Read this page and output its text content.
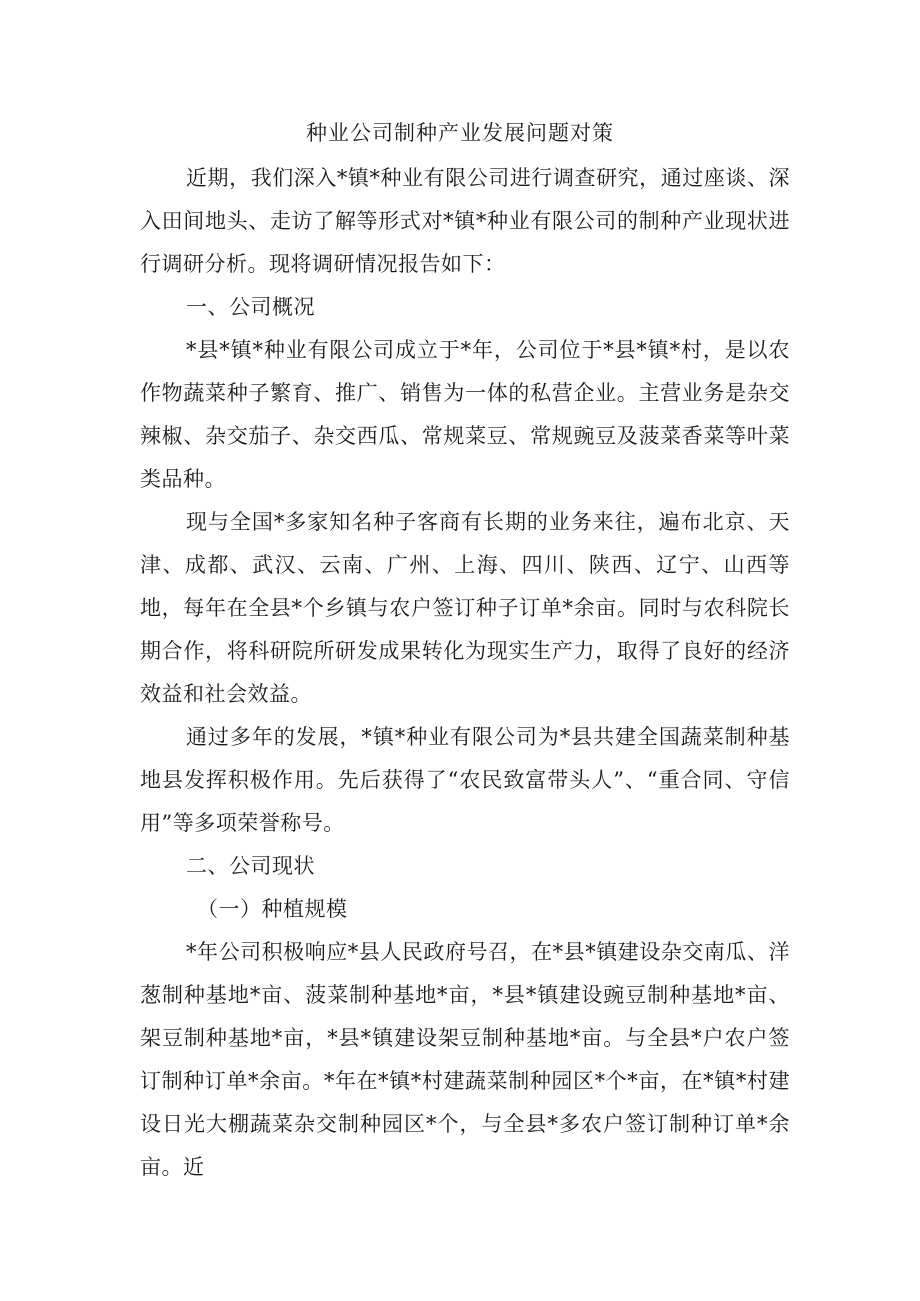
种业公司制种产业发展问题对策

近期，我们深入*镇*种业有限公司进行调查研究，通过座谈、深入田间地头、走访了解等形式对*镇*种业有限公司的制种产业现状进行调研分析。现将调研情况报告如下：

一、公司概况

*县*镇*种业有限公司成立于*年，公司位于*县*镇*村，是以农作物蔬菜种子繁育、推广、销售为一体的私营企业。主营业务是杂交辣椒、杂交茄子、杂交西瓜、常规菜豆、常规豌豆及菠菜香菜等叶菜类品种。

现与全国*多家知名种子客商有长期的业务来往，遍布北京、天津、成都、武汉、云南、广州、上海、四川、陕西、辽宁、山西等地，每年在全县*个乡镇与农户签订种子订单*余亩。同时与农科院长期合作，将科研院所研发成果转化为现实生产力，取得了良好的经济效益和社会效益。

通过多年的发展，*镇*种业有限公司为*县共建全国蔬菜制种基地县发挥积极作用。先后获得了“农民致富带头人”、“重合同、守信用”等多项荣誉称号。

二、公司现状

（一）种植规模

*年公司积极响应*县人民政府号召，在*县*镇建设杂交南瓜、洋葱制种基地*亩、菠菜制种基地*亩，*县*镇建设豌豆制种基地*亩、架豆制种基地*亩，*县*镇建设架豆制种基地*亩。与全县*户农户签订制种订单*余亩。*年在*镇*村建蔬菜制种园区*个*亩，在*镇*村建设日光大棚蔬菜杂交制种园区*个，与全县*多农户签订制种订单*余亩。近
